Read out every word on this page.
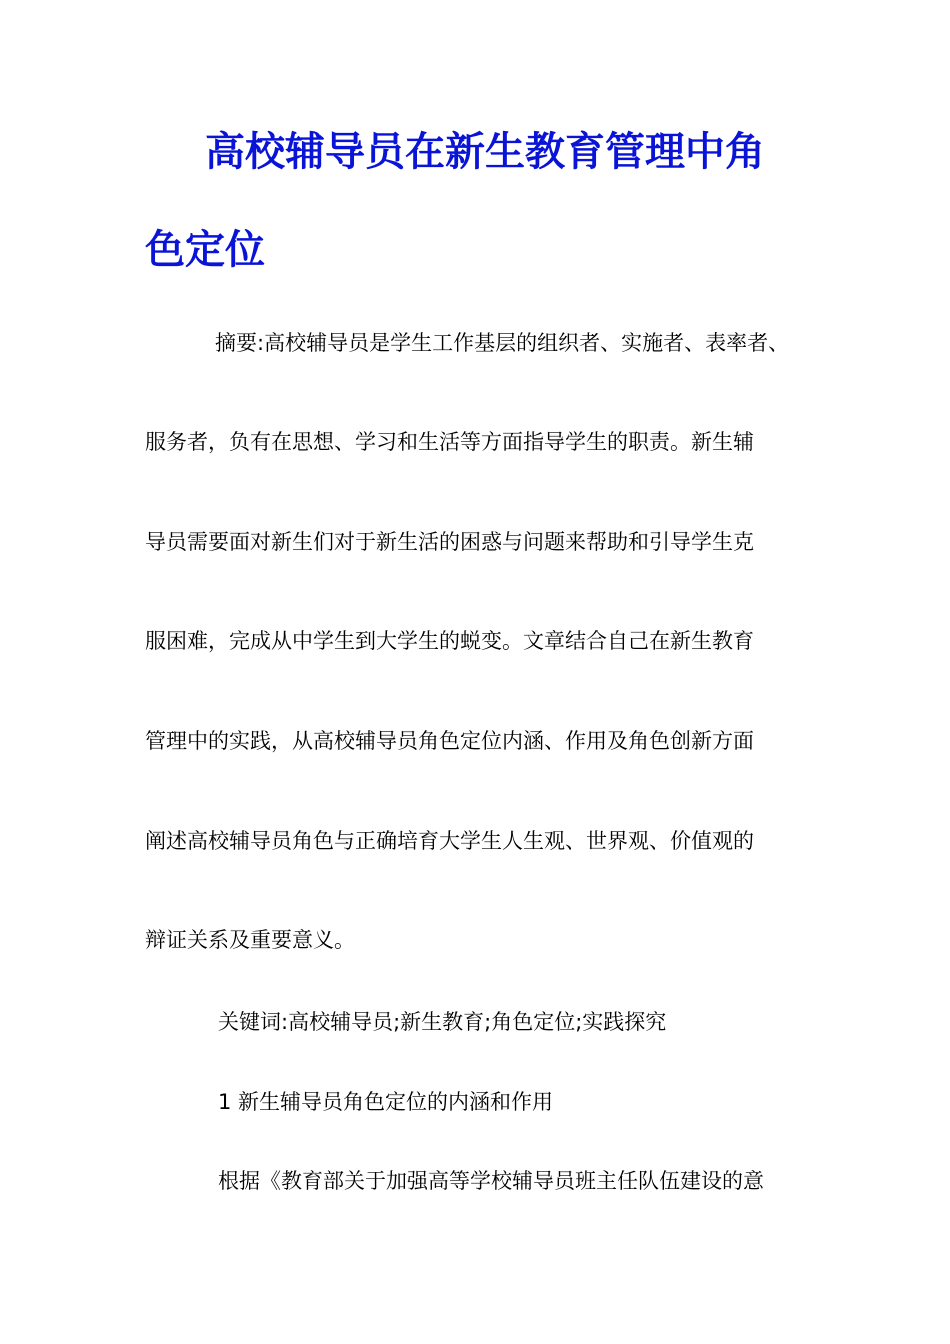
高校辅导员在新生教育管理中角
色定位

摘要:高校辅导员是学生工作基层的组织者、实施者、表率者、

服务者，负有在思想、学习和生活等方面指导学生的职责。新生辅

导员需要面对新生们对于新生活的困惑与问题来帮助和引导学生克

服困难，完成从中学生到大学生的蜕变。文章结合自己在新生教育

管理中的实践，从高校辅导员角色定位内涵、作用及角色创新方面

阐述高校辅导员角色与正确培育大学生人生观、世界观、价值观的

辩证关系及重要意义。

关键词:高校辅导员;新生教育;角色定位;实践探究

1 新生辅导员角色定位的内涵和作用

根据《教育部关于加强高等学校辅导员班主任队伍建设的意
